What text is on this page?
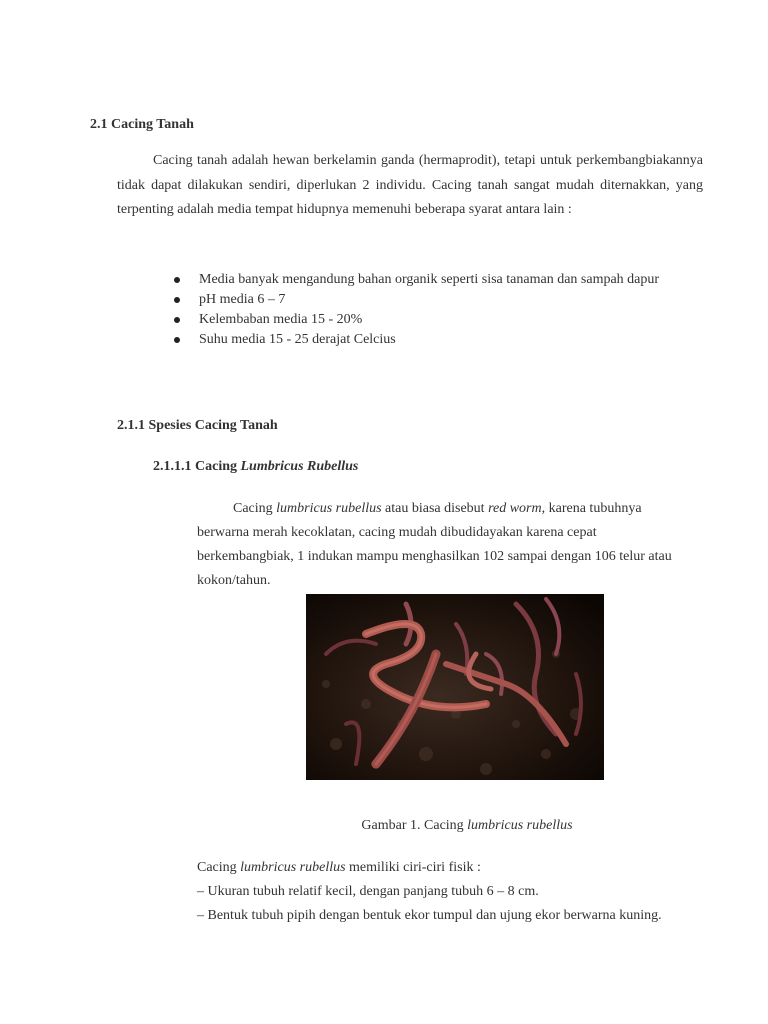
2.1 Cacing Tanah
Cacing tanah adalah hewan berkelamin ganda (hermaprodit), tetapi untuk perkembangbiakannya tidak dapat dilakukan sendiri, diperlukan 2 individu. Cacing tanah sangat mudah diternakkan, yang terpenting adalah media tempat hidupnya memenuhi beberapa syarat antara lain :
Media banyak mengandung bahan organik seperti sisa tanaman dan sampah dapur
pH media 6 – 7
Kelembaban media 15 - 20%
Suhu media 15 - 25 derajat Celcius
2.1.1 Spesies Cacing Tanah
2.1.1.1 Cacing Lumbricus Rubellus
Cacing lumbricus rubellus atau biasa disebut red worm, karena tubuhnya berwarna merah kecoklatan, cacing mudah dibudidayakan karena cepat berkembangbiak, 1 indukan mampu menghasilkan 102 sampai dengan 106 telur atau kokon/tahun.
Gambar 1. Cacing lumbricus rubellus
Cacing lumbricus rubellus memiliki ciri-ciri fisik :
– Ukuran tubuh relatif kecil, dengan panjang tubuh 6 – 8 cm.
– Bentuk tubuh pipih dengan bentuk ekor tumpul dan ujung ekor berwarna kuning.
